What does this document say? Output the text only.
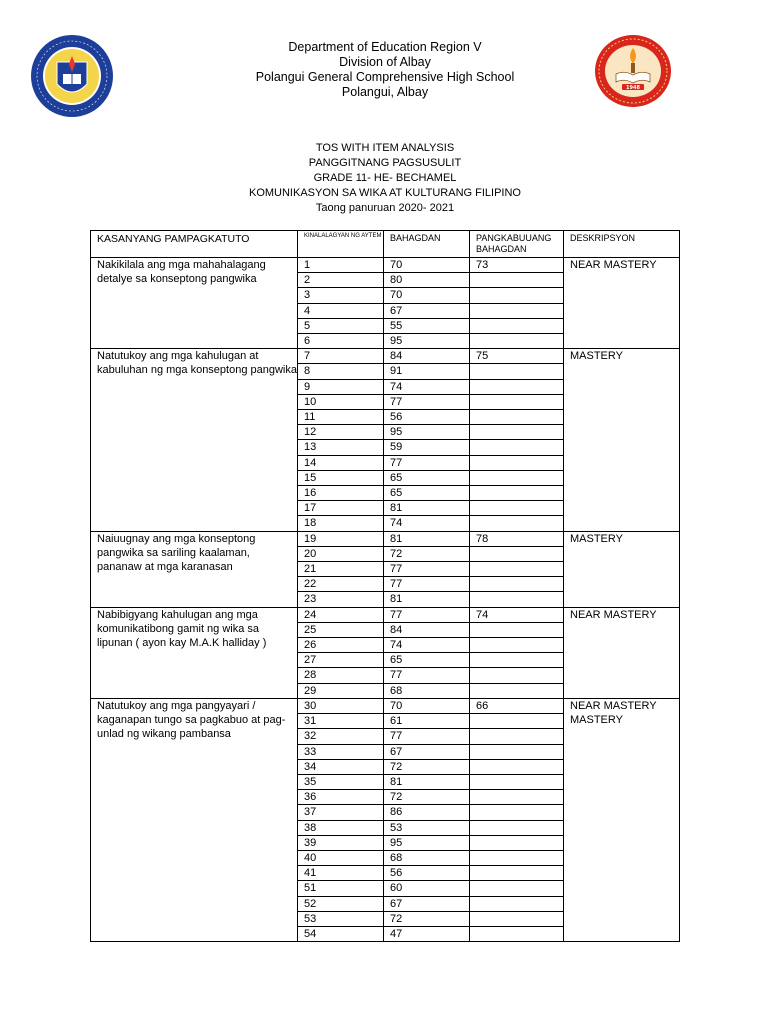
Department of Education Region V
Division of Albay
Polangui General Comprehensive High School
Polangui, Albay	1948
TOS WITH ITEM ANALYSIS
PANGGITNANG PAGSUSULIT
GRADE 11- HE- BECHAMEL
KOMUNIKASYON SA WIKA AT KULTURANG FILIPINO
Taong panuruan 2020- 2021
KASANYANG PAMPAGKATUTO	KINALALAGYAN NG AYTEM	BAHAGDAN	PANGKABUUANG BAHAGDAN	DESKRIPSYON
Nakikilala ang mga mahahalagang detalye sa konseptong pangwika	1	70	73	NEAR MASTERY
	2	80		
	3	70		
	4	67		
	5	55		
	6	95		
Natutukoy ang mga kahulugan at kabuluhan ng mga konseptong pangwika	7	84	75	MASTERY
	8	91		
	9	74		
	10	77		
	11	56		
	12	95		
	13	59		
	14	77		
	15	65		
	16	65		
	17	81		
	18	74		
Naiuugnay ang mga konseptong pangwika sa sariling kaalaman, pananaw at mga karanasan	19	81	78	MASTERY
	20	72		
	21	77		
	22	77		
	23	81		
Nabibigyang kahulugan ang mga komunikatibong gamit ng wika sa lipunan ( ayon kay M.A.K halliday )	24	77	74	NEAR MASTERY
	25	84		
	26	74		
	27	65		
	28	77		
	29	68		
Natutukoy ang mga pangyayari / kaganapan tungo sa pagkabuo at pag- unlad ng wikang pambansa	30	70	66	NEAR MASTERY
MASTERY

	31	61		
	32	77		
	33	67		
	34	72		
	35	81		
	36	72		
	37	86		
	38	53		
	39	95		
	40	68		
	41	56		
	51	60		
	52	67		
	53	72		
	54	47		
